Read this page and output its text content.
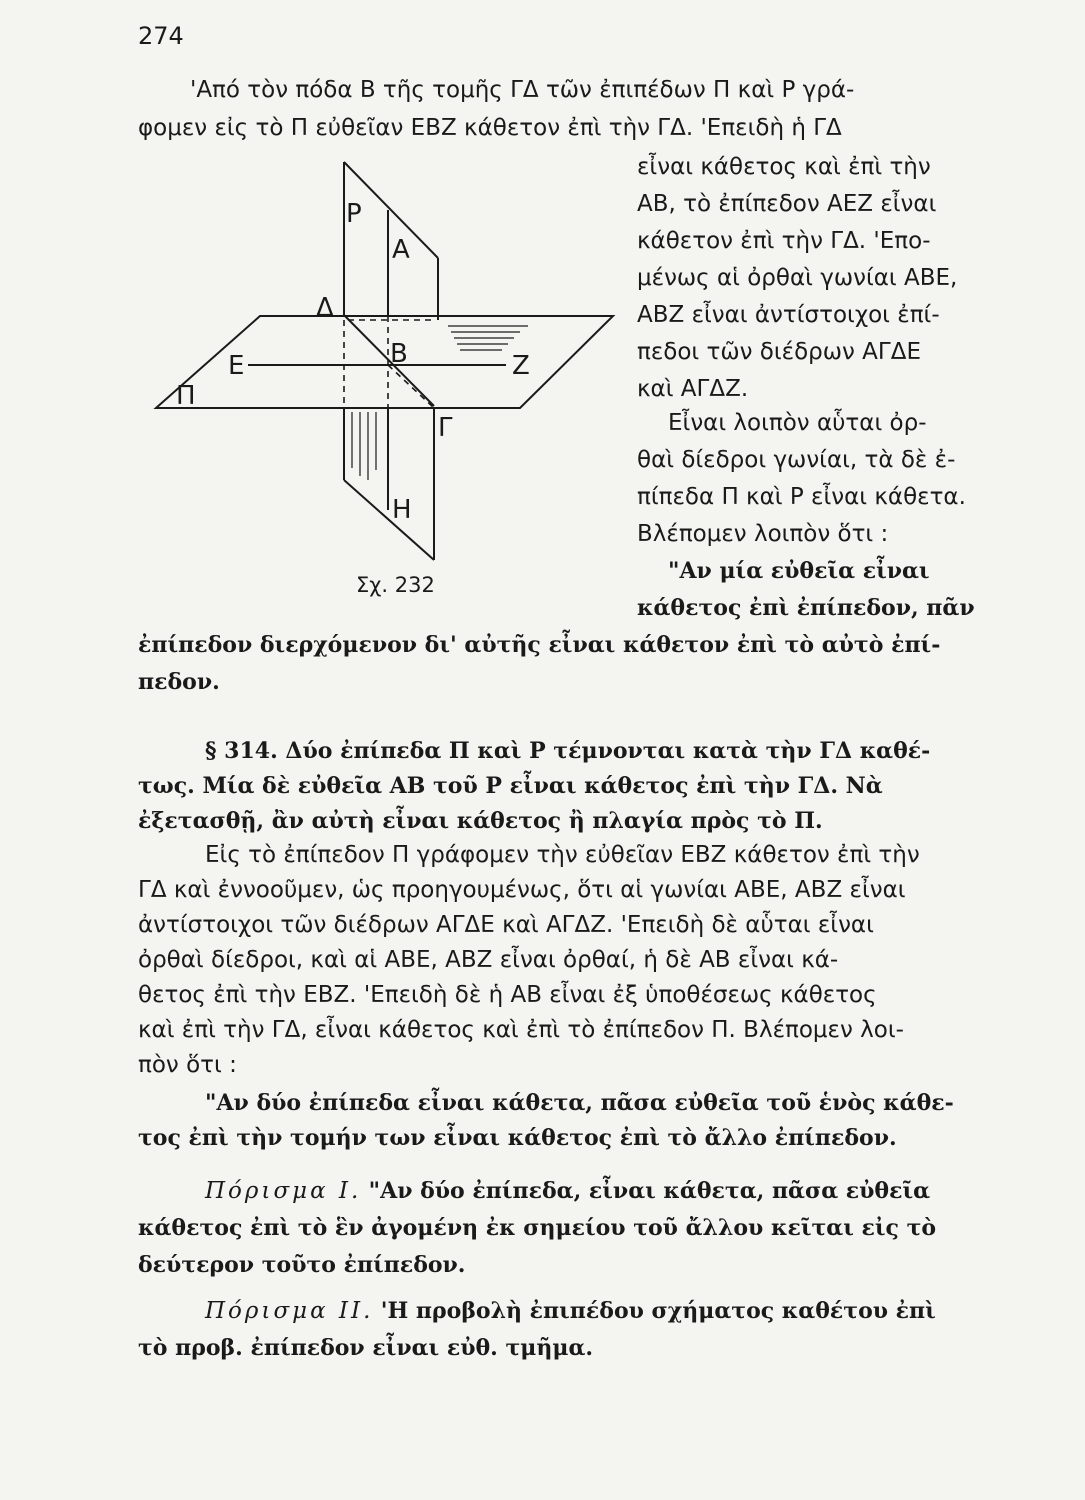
274
'Από τὸν πόδα Β τῆς τομῆς ΓΔ τῶν ἐπιπέδων Π καὶ Ρ γρά-
φομεν εἰς τὸ Π εὐθεῖαν ΕΒΖ κάθετον ἐπὶ τὴν ΓΔ. 'Επειδὴ ἡ ΓΔ
εἶναι κάθετος καὶ ἐπὶ τὴν
ΑΒ, τὸ ἐπίπεδον ΑΕΖ εἶναι
κάθετον ἐπὶ τὴν ΓΔ. 'Επο-
μένως αἱ ὀρθαὶ γωνίαι ΑΒΕ,
ΑΒΖ εἶναι ἀντίστοιχοι ἐπί-
πεδοι τῶν διέδρων ΑΓΔΕ
καὶ ΑΓΔΖ.
Εἶναι λοιπὸν αὗται ὀρ-
θαὶ δίεδροι γωνίαι, τὰ δὲ ἐ-
πίπεδα Π καὶ Ρ εἶναι κάθετα.
Βλέπομεν λοιπὸν ὅτι :
"Αν μία εὐθεῖα εἶναι
κάθετος ἐπὶ ἐπίπεδον, πᾶν
ἐπίπεδον διερχόμενον δι' αὐτῆς εἶναι κάθετον ἐπὶ τὸ αὐτὸ ἐπί-
πεδον.
P
Α
Δ
Β
Ε	Ζ
Π
Γ
Η
Σχ. 232
§ 314. Δύο ἐπίπεδα Π καὶ Ρ τέμνονται κατὰ τὴν ΓΔ καθέ-
τως. Μία δὲ εὐθεῖα ΑΒ τοῦ Ρ εἶναι κάθετος ἐπὶ τὴν ΓΔ. Νὰ
ἐξετασθῇ, ἂν αὐτὴ εἶναι κάθετος ἢ πλαγία πρὸς τὸ Π.
Εἰς τὸ ἐπίπεδον Π γράφομεν τὴν εὐθεῖαν ΕΒΖ κάθετον ἐπὶ τὴν
ΓΔ καὶ ἐννοοῦμεν, ὡς προηγουμένως, ὅτι αἱ γωνίαι ΑΒΕ, ΑΒΖ εἶναι
ἀντίστοιχοι τῶν διέδρων ΑΓΔΕ καὶ ΑΓΔΖ. 'Επειδὴ δὲ αὗται εἶναι
ὀρθαὶ δίεδροι, καὶ αἱ ΑΒΕ, ΑΒΖ εἶναι ὀρθαί, ἡ δὲ ΑΒ εἶναι κά-
θετος ἐπὶ τὴν ΕΒΖ. 'Επειδὴ δὲ ἡ ΑΒ εἶναι ἐξ ὑποθέσεως κάθετος
καὶ ἐπὶ τὴν ΓΔ, εἶναι κάθετος καὶ ἐπὶ τὸ ἐπίπεδον Π. Βλέπομεν λοι-
πὸν ὅτι :
"Αν δύο ἐπίπεδα εἶναι κάθετα, πᾶσα εὐθεῖα τοῦ ἑνὸς κάθε-
τος ἐπὶ τὴν τομήν των εἶναι κάθετος ἐπὶ τὸ ἄλλο ἐπίπεδον.
Πόρισμα Ι. "Αν δύο ἐπίπεδα, εἶναι κάθετα, πᾶσα εὐθεῖα
κάθετος ἐπὶ τὸ ἓν ἀγομένη ἐκ σημείου τοῦ ἄλλου κεῖται εἰς τὸ
δεύτερον τοῦτο ἐπίπεδον.
Πόρισμα ΙΙ. 'Η προβολὴ ἐπιπέδου σχήματος καθέτου ἐπὶ
τὸ προβ. ἐπίπεδον εἶναι εὐθ. τμῆμα.
